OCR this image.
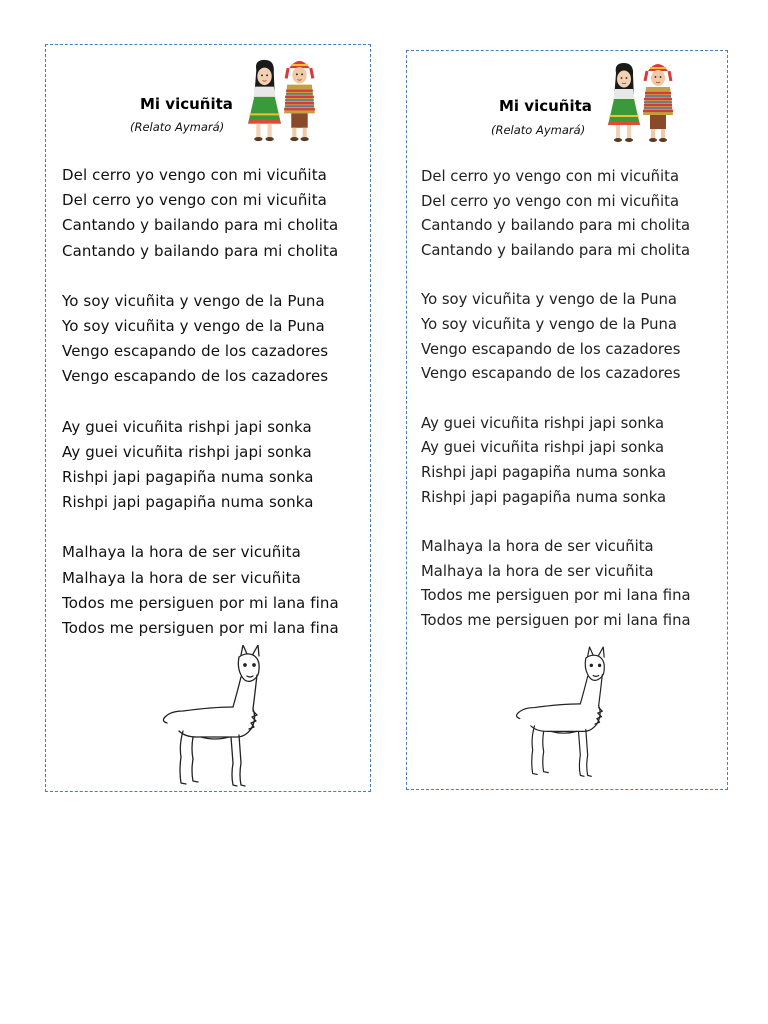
Mi vicuñita
(Relato Aymará)
Del cerro yo vengo con mi vicuñita
Del cerro yo vengo con mi vicuñita
Cantando y bailando para mi cholita
Cantando y bailando para mi cholita
Yo soy vicuñita y vengo de la Puna
Yo soy vicuñita y vengo de la Puna
Vengo escapando de los cazadores
Vengo escapando de los cazadores
Ay guei vicuñita rishpi japi sonka
Ay guei vicuñita rishpi japi sonka
Rishpi japi pagapiña numa sonka
Rishpi japi pagapiña numa sonka
Malhaya la hora de ser vicuñita
Malhaya la hora de ser vicuñita
Todos me persiguen por mi lana fina
Todos me persiguen por mi lana fina
Mi vicuñita
(Relato Aymará)
Del cerro yo vengo con mi vicuñita
Del cerro yo vengo con mi vicuñita
Cantando y bailando para mi cholita
Cantando y bailando para mi cholita
Yo soy vicuñita y vengo de la Puna
Yo soy vicuñita y vengo de la Puna
Vengo escapando de los cazadores
Vengo escapando de los cazadores
Ay guei vicuñita rishpi japi sonka
Ay guei vicuñita rishpi japi sonka
Rishpi japi pagapiña numa sonka
Rishpi japi pagapiña numa sonka
Malhaya la hora de ser vicuñita
Malhaya la hora de ser vicuñita
Todos me persiguen por mi lana fina
Todos me persiguen por mi lana fina
